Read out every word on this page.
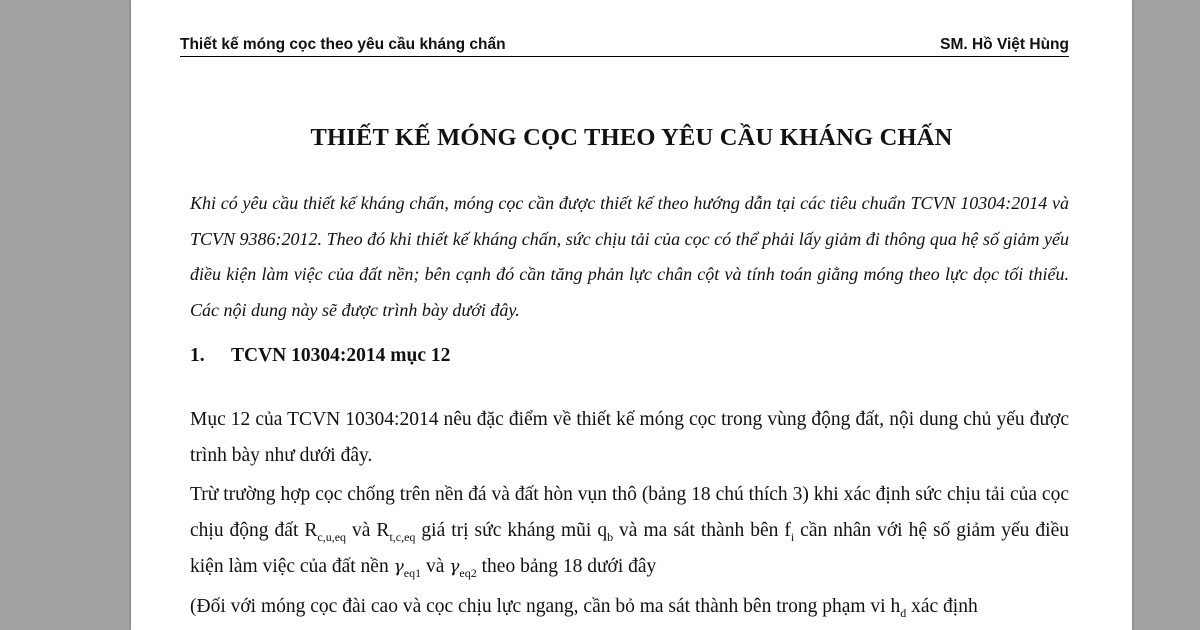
Thiết kế móng cọc theo yêu cầu kháng chấn	SM. Hồ Việt Hùng
THIẾT KẾ MÓNG CỌC THEO YÊU CẦU KHÁNG CHẤN

Khi có yêu cầu thiết kế kháng chấn, móng cọc cần được thiết kế theo hướng dẫn tại các tiêu chuẩn TCVN 10304:2014 và TCVN 9386:2012. Theo đó khi thiết kế kháng chấn, sức chịu tải của cọc có thể phải lấy giảm đi thông qua hệ số giảm yếu điều kiện làm việc của đất nền; bên cạnh đó cần tăng phản lực chân cột và tính toán giằng móng theo lực dọc tối thiểu. Các nội dung này sẽ được trình bày dưới đây.

1. TCVN 10304:2014 mục 12

Mục 12 của TCVN 10304:2014 nêu đặc điểm về thiết kế móng cọc trong vùng động đất, nội dung chủ yếu được trình bày như dưới đây.

Trừ trường hợp cọc chống trên nền đá và đất hòn vụn thô (bảng 18 chú thích 3) khi xác định sức chịu tải của cọc chịu động đất $R_{c,u,eq}$ và $R_{t,c,eq}$ giá trị sức kháng mũi $q_b$ và ma sát thành bên $f_i$ cần nhân với hệ số giảm yếu điều kiện làm việc của đất nền $\gamma_{eq1}$ và $\gamma_{eq2}$ theo bảng 18 dưới đây

(Đối với móng cọc đài cao và cọc chịu lực ngang, cần bỏ ma sát thành bên trong phạm vi $h_d$ xác định
